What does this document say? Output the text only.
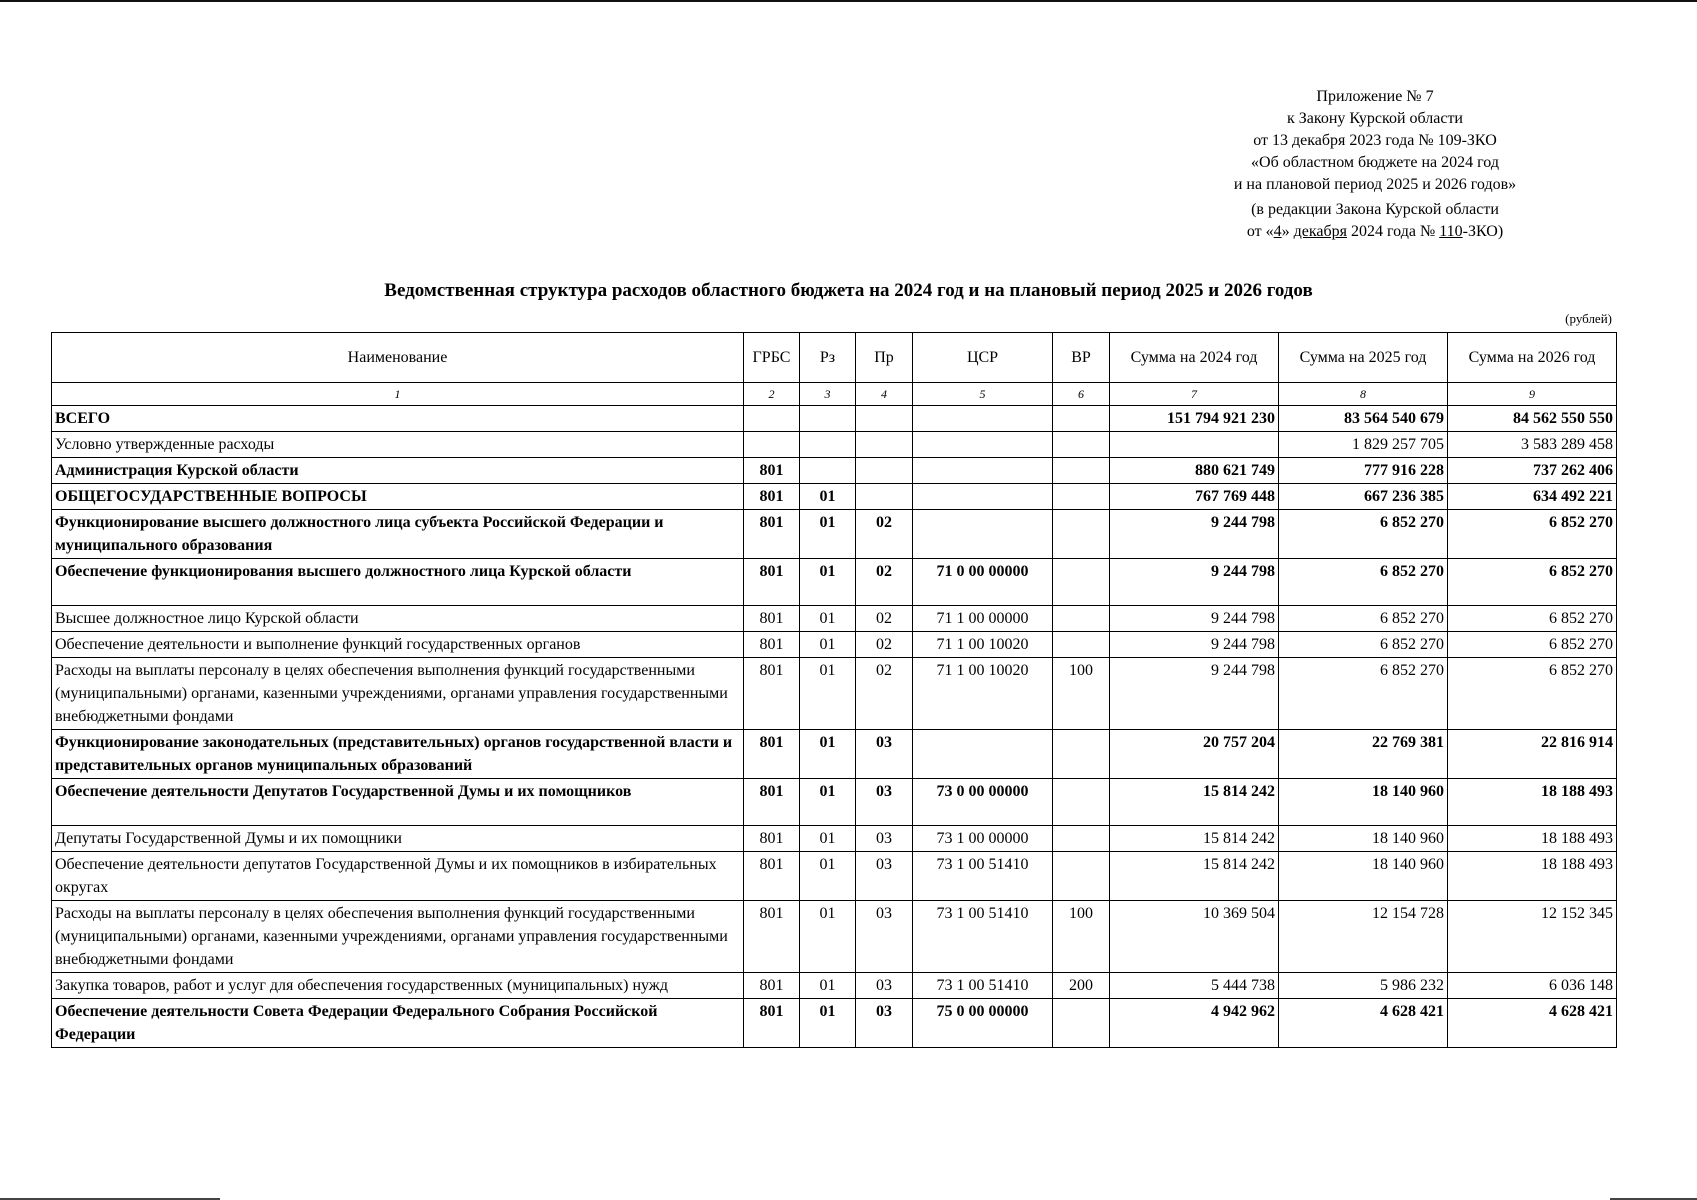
Приложение № 7
к Закону Курской области
от 13 декабря 2023 года № 109-ЗКО
«Об областном бюджете на 2024 год
и на плановой период 2025 и 2026 годов»
(в редакции Закона Курской области
от «4» декабря 2024 года № 110-ЗКО)
Ведомственная структура расходов областного бюджета на 2024 год и на плановый период 2025 и 2026 годов
(рублей)
Наименование	ГРБС	Рз	Пр	ЦСР	ВР	Сумма на 2024 год	Сумма на 2025 год	Сумма на 2026 год
1	2	3	4	5	6	7	8	9
ВСЕГО						151 794 921 230	83 564 540 679	84 562 550 550
Условно утвержденные расходы							1 829 257 705	3 583 289 458
Администрация Курской области	801					880 621 749	777 916 228	737 262 406
ОБЩЕГОСУДАРСТВЕННЫЕ ВОПРОСЫ	801	01				767 769 448	667 236 385	634 492 221
Функционирование высшего должностного лица субъекта Российской Федерации и муниципального образования	801	01	02			9 244 798	6 852 270	6 852 270
Обеспечение функционирования высшего должностного лица Курской области	801	01	02	71 0 00 00000		9 244 798	6 852 270	6 852 270
Высшее должностное лицо Курской области	801	01	02	71 1 00 00000		9 244 798	6 852 270	6 852 270
Обеспечение деятельности и выполнение функций государственных органов	801	01	02	71 1 00 10020		9 244 798	6 852 270	6 852 270
Расходы на выплаты персоналу в целях обеспечения выполнения функций государственными (муниципальными) органами, казенными учреждениями, органами управления государственными внебюджетными фондами	801	01	02	71 1 00 10020	100	9 244 798	6 852 270	6 852 270
Функционирование законодательных (представительных) органов государственной власти и представительных органов муниципальных образований	801	01	03			20 757 204	22 769 381	22 816 914
Обеспечение деятельности Депутатов Государственной Думы и их помощников	801	01	03	73 0 00 00000		15 814 242	18 140 960	18 188 493
Депутаты Государственной Думы и их помощники	801	01	03	73 1 00 00000		15 814 242	18 140 960	18 188 493
Обеспечение деятельности депутатов Государственной Думы и их помощников в избирательных округах	801	01	03	73 1 00 51410		15 814 242	18 140 960	18 188 493
Расходы на выплаты персоналу в целях обеспечения выполнения функций государственными (муниципальными) органами, казенными учреждениями, органами управления государственными внебюджетными фондами	801	01	03	73 1 00 51410	100	10 369 504	12 154 728	12 152 345
Закупка товаров, работ и услуг для обеспечения государственных (муниципальных) нужд	801	01	03	73 1 00 51410	200	5 444 738	5 986 232	6 036 148
Обеспечение деятельности Совета Федерации Федерального Собрания Российской Федерации	801	01	03	75 0 00 00000		4 942 962	4 628 421	4 628 421
